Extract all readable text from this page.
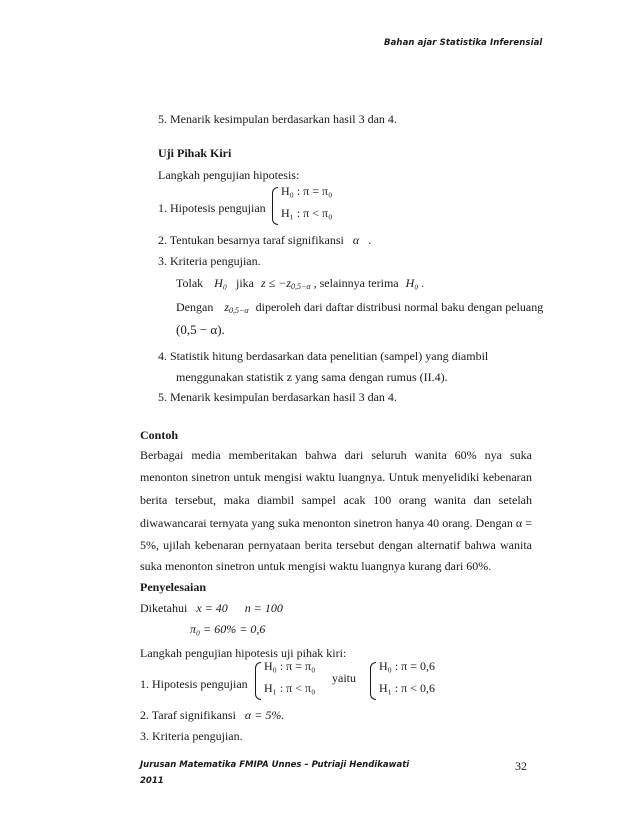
Bahan ajar Statistika Inferensial
5. Menarik kesimpulan berdasarkan hasil 3 dan 4.
Uji Pihak Kiri
Langkah pengujian hipotesis:
1. Hipotesis pengujian
H₀ : π = π₀
H₁ : π < π₀
2. Tentukan besarnya taraf signifikansi α .
3. Kriteria pengujian.
Tolak H₀ jika $z \le -z_{0,5-\alpha}$ , selainnya terima H₀ .
Dengan $z_{0,5-\alpha}$ diperoleh dari daftar distribusi normal baku dengan peluang
(0,5 − α).
4. Statistik hitung berdasarkan data penelitian (sampel) yang diambil
menggunakan statistik z yang sama dengan rumus (II.4).
5. Menarik kesimpulan berdasarkan hasil 3 dan 4.
Contoh
Berbagai media memberitakan bahwa dari seluruh wanita 60% nya suka
menonton sinetron untuk mengisi waktu luangnya. Untuk menyelidiki kebenaran
berita tersebut, maka diambil sampel acak 100 orang wanita dan setelah
diwawancarai ternyata yang suka menonton sinetron hanya 40 orang. Dengan α =
5%, ujilah kebenaran pernyataan berita tersebut dengan alternatif bahwa wanita
suka menonton sinetron untuk mengisi waktu luangnya kurang dari 60%.
Penyelesaian
Diketahui x = 40 n = 100
π₀ = 60% = 0,6
Langkah pengujian hipotesis uji pihak kiri:
1. Hipotesis pengujian
H₀ : π = π₀
H₁ : π < π₀
yaitu
H₀ : π = 0,6
H₁ : π < 0,6
2. Taraf signifikansi α = 5%.
3. Kriteria pengujian.
Jurusan Matematika FMIPA Unnes – Putriaji Hendikawati
2011
32
